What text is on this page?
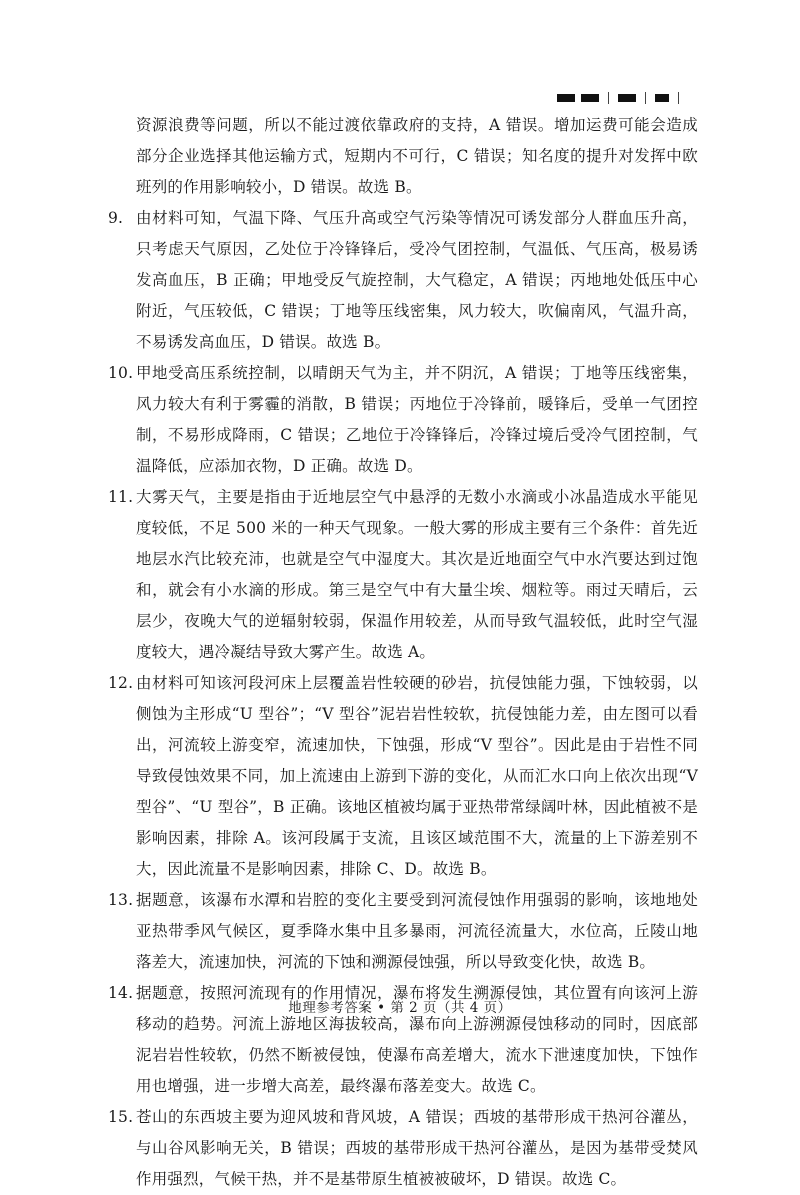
资源浪费等问题，所以不能过渡依靠政府的支持，A 错误。增加运费可能会造成部分企业选择其他运输方式，短期内不可行，C 错误；知名度的提升对发挥中欧班列的作用影响较小，D 错误。故选 B。

9. 由材料可知，气温下降、气压升高或空气污染等情况可诱发部分人群血压升高，只考虑天气原因，乙处位于冷锋锋后，受冷气团控制，气温低、气压高，极易诱发高血压，B 正确；甲地受反气旋控制，大气稳定，A 错误；丙地地处低压中心附近，气压较低，C 错误；丁地等压线密集，风力较大，吹偏南风，气温升高，不易诱发高血压，D 错误。故选 B。
10. 甲地受高压系统控制，以晴朗天气为主，并不阴沉，A 错误；丁地等压线密集，风力较大有利于雾霾的消散，B 错误；丙地位于冷锋前，暖锋后，受单一气团控制，不易形成降雨，C 错误；乙地位于冷锋锋后，冷锋过境后受冷气团控制，气温降低，应添加衣物，D 正确。故选 D。
11. 大雾天气，主要是指由于近地层空气中悬浮的无数小水滴或小冰晶造成水平能见度较低，不足 500 米的一种天气现象。一般大雾的形成主要有三个条件：首先近地层水汽比较充沛，也就是空气中湿度大。其次是近地面空气中水汽要达到过饱和，就会有小水滴的形成。第三是空气中有大量尘埃、烟粒等。雨过天晴后，云层少，夜晚大气的逆辐射较弱，保温作用较差，从而导致气温较低，此时空气湿度较大，遇冷凝结导致大雾产生。故选 A。
12. 由材料可知该河段河床上层覆盖岩性较硬的砂岩，抗侵蚀能力强，下蚀较弱，以侧蚀为主形成“U 型谷”；“V 型谷”泥岩岩性较软，抗侵蚀能力差，由左图可以看出，河流较上游变窄，流速加快，下蚀强，形成“V 型谷”。因此是由于岩性不同导致侵蚀效果不同，加上流速由上游到下游的变化，从而汇水口向上依次出现“V 型谷”、“U 型谷”，B 正确。该地区植被均属于亚热带常绿阔叶林，因此植被不是影响因素，排除 A。该河段属于支流，且该区域范围不大，流量的上下游差别不大，因此流量不是影响因素，排除 C、D。故选 B。
13. 据题意，该瀑布水潭和岩腔的变化主要受到河流侵蚀作用强弱的影响，该地地处亚热带季风气候区，夏季降水集中且多暴雨，河流径流量大，水位高，丘陵山地落差大，流速加快，河流的下蚀和溯源侵蚀强，所以导致变化快，故选 B。
14. 据题意，按照河流现有的作用情况，瀑布将发生溯源侵蚀，其位置有向该河上游移动的趋势。河流上游地区海拔较高，瀑布向上游溯源侵蚀移动的同时，因底部泥岩岩性较软，仍然不断被侵蚀，使瀑布高差增大，流水下泄速度加快，下蚀作用也增强，进一步增大高差，最终瀑布落差变大。故选 C。
15. 苍山的东西坡主要为迎风坡和背风坡，A 错误；西坡的基带形成干热河谷灌丛，与山谷风影响无关，B 错误；西坡的基带形成干热河谷灌丛，是因为基带受焚风作用强烈，气候干热，并不是基带原生植被被破坏，D 错误。故选 C。
地理参考答案 • 第 2 页（共 4 页）
